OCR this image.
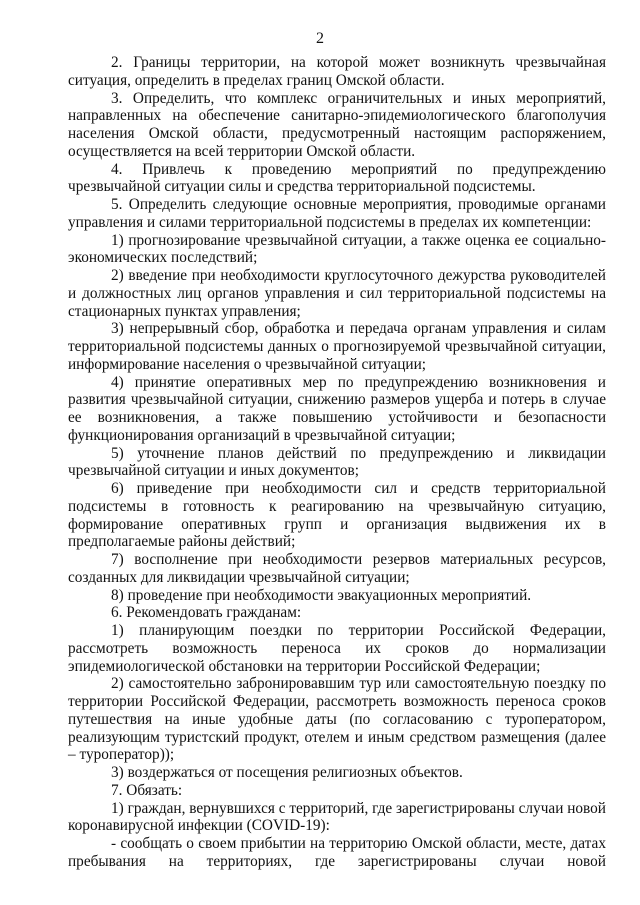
2

2. Границы территории, на которой может возникнуть чрезвычайная ситуация, определить в пределах границ Омской области.

3. Определить, что комплекс ограничительных и иных мероприятий, направленных на обеспечение санитарно-эпидемиологического благополучия населения Омской области, предусмотренный настоящим распоряжением, осуществляется на всей территории Омской области.

4. Привлечь к проведению мероприятий по предупреждению чрезвычайной ситуации силы и средства территориальной подсистемы.

5. Определить следующие основные мероприятия, проводимые органами управления и силами территориальной подсистемы в пределах их компетенции:

1) прогнозирование чрезвычайной ситуации, а также оценка ее социально-экономических последствий;

2) введение при необходимости круглосуточного дежурства руководителей и должностных лиц органов управления и сил территориальной подсистемы на стационарных пунктах управления;

3) непрерывный сбор, обработка и передача органам управления и силам территориальной подсистемы данных о прогнозируемой чрезвычайной ситуации, информирование населения о чрезвычайной ситуации;

4) принятие оперативных мер по предупреждению возникновения и развития чрезвычайной ситуации, снижению размеров ущерба и потерь в случае ее возникновения, а также повышению устойчивости и безопасности функционирования организаций в чрезвычайной ситуации;

5) уточнение планов действий по предупреждению и ликвидации чрезвычайной ситуации и иных документов;

6) приведение при необходимости сил и средств территориальной подсистемы в готовность к реагированию на чрезвычайную ситуацию, формирование оперативных групп и организация выдвижения их в предполагаемые районы действий;

7) восполнение при необходимости резервов материальных ресурсов, созданных для ликвидации чрезвычайной ситуации;

8) проведение при необходимости эвакуационных мероприятий.

6. Рекомендовать гражданам:

1) планирующим поездки по территории Российской Федерации, рассмотреть возможность переноса их сроков до нормализации эпидемиологической обстановки на территории Российской Федерации;

2) самостоятельно забронировавшим тур или самостоятельную поездку по территории Российской Федерации, рассмотреть возможность переноса сроков путешествия на иные удобные даты (по согласованию с туроператором, реализующим туристский продукт, отелем и иным средством размещения (далее – туроператор));

3) воздержаться от посещения религиозных объектов.

7. Обязать:

1) граждан, вернувшихся с территорий, где зарегистрированы случаи новой коронавирусной инфекции (COVID-19):

- сообщать о своем прибытии на территорию Омской области, месте, датах пребывания на территориях, где зарегистрированы случаи новой
